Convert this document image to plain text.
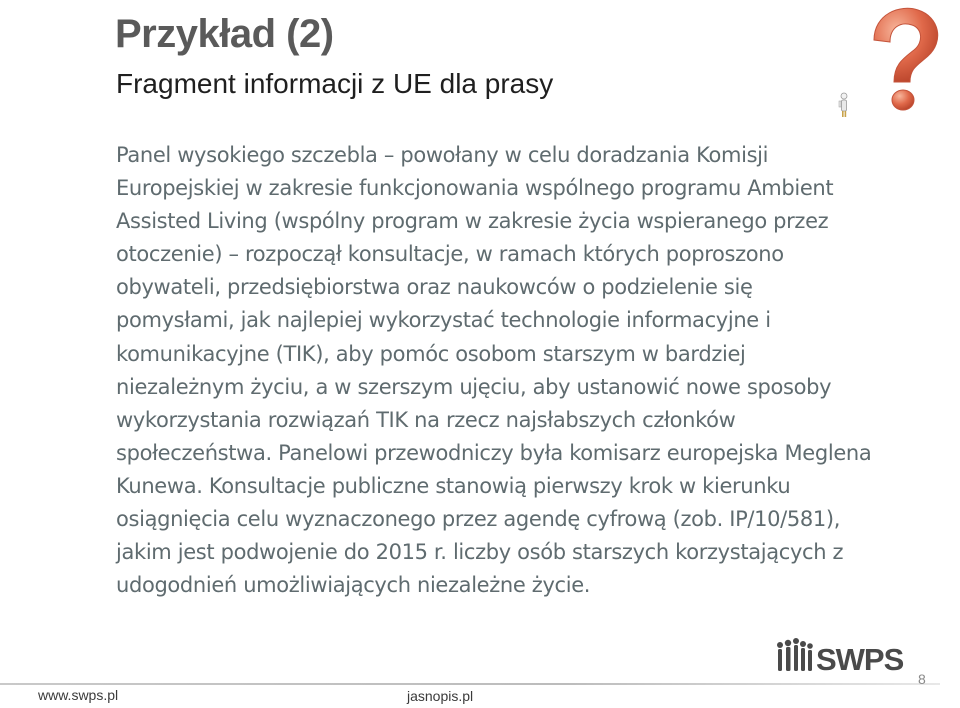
Przykład (2)
Fragment informacji z UE dla prasy
Panel wysokiego szczebla – powołany w celu doradzania Komisji Europejskiej w zakresie funkcjonowania wspólnego programu Ambient Assisted Living (wspólny program w zakresie życia wspieranego przez otoczenie) – rozpoczął konsultacje, w ramach których poproszono obywateli, przedsiębiorstwa oraz naukowców o podzielenie się pomysłami, jak najlepiej wykorzystać technologie informacyjne i komunikacyjne (TIK), aby pomóc osobom starszym w bardziej niezależnym życiu, a w szerszym ujęciu, aby ustanowić nowe sposoby wykorzystania rozwiązań TIK na rzecz najsłabszych członków społeczeństwa. Panelowi przewodniczy była komisarz europejska Meglena Kunewa. Konsultacje publiczne stanowią pierwszy krok w kierunku osiągnięcia celu wyznaczonego przez agendę cyfrową (zob. IP/10/581), jakim jest podwojenie do 2015 r. liczby osób starszych korzystających z udogodnień umożliwiających niezależne życie.
SWPS
www.swps.pl	jasnopis.pl
8
